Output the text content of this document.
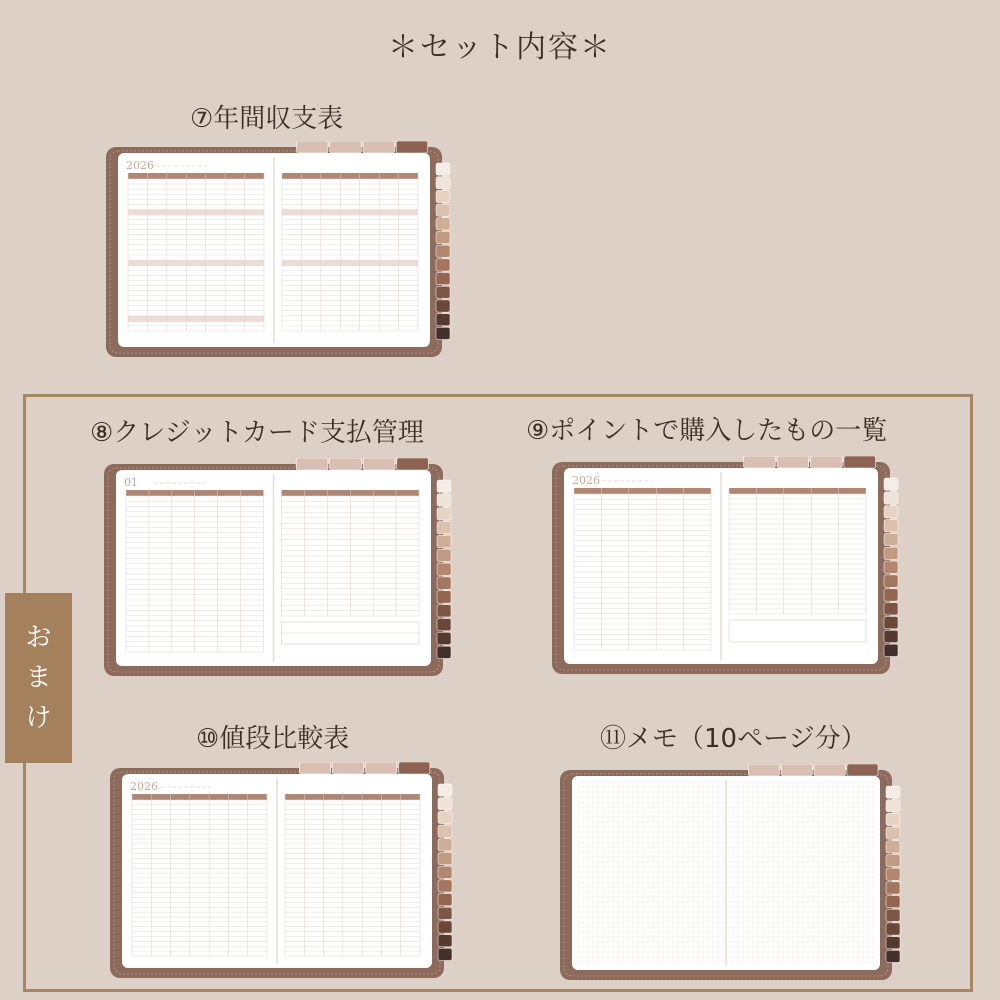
＊セット内容＊
⑦年間収支表
⑧クレジットカード支払管理	⑨ポイントで購入したもの一覧
⑩値段比較表	⑪メモ（10ページ分）
お
ま
け
2026
01	2026
2026
